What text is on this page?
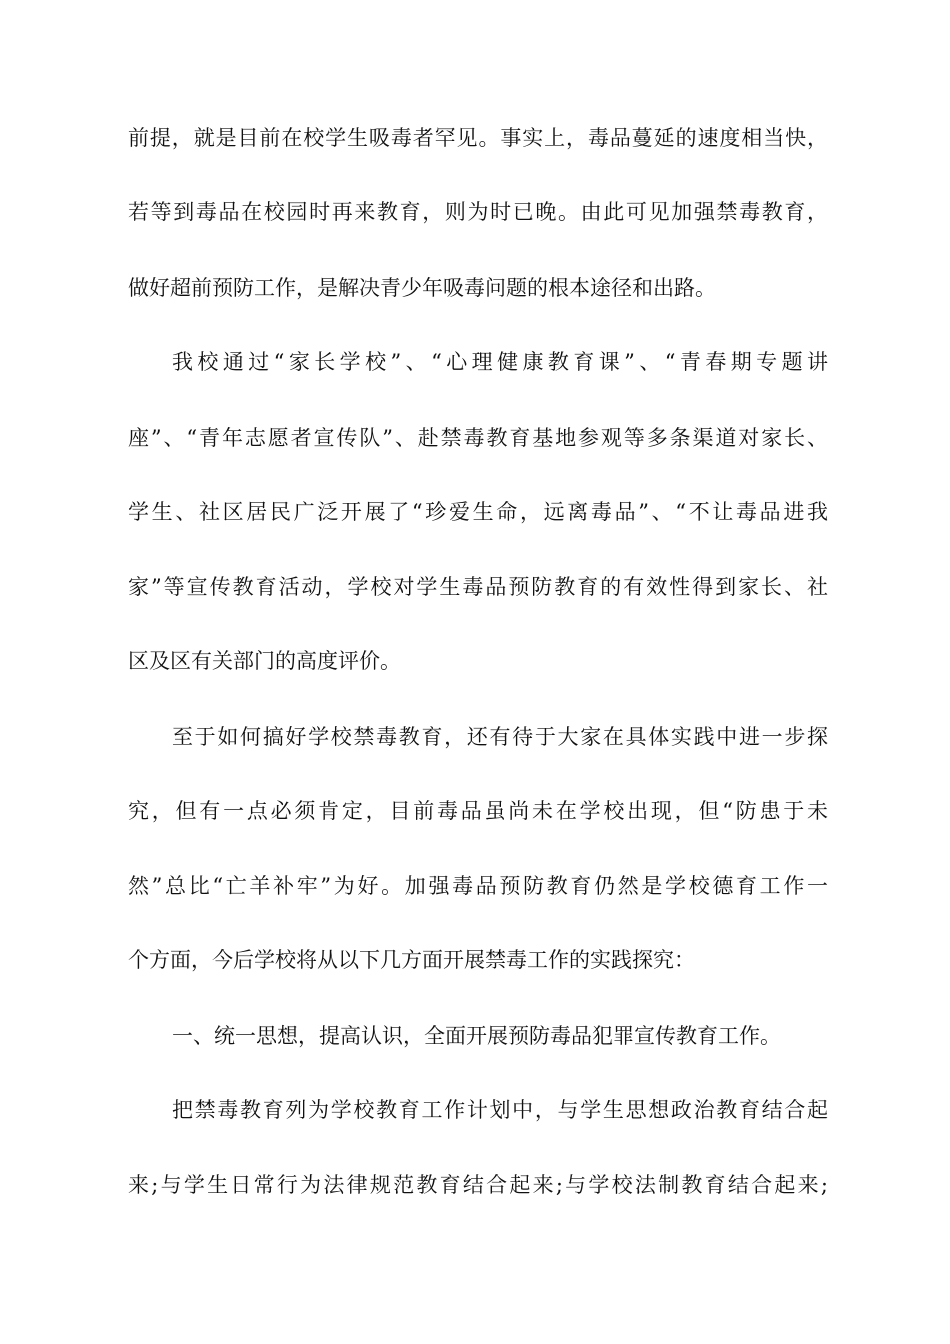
前提，就是目前在校学生吸毒者罕见。事实上，毒品蔓延的速度相当快，
若等到毒品在校园时再来教育，则为时已晚。由此可见加强禁毒教育，
做好超前预防工作，是解决青少年吸毒问题的根本途径和出路。
我校通过“家长学校”、“心理健康教育课”、“青春期专题讲
座”、“青年志愿者宣传队”、赴禁毒教育基地参观等多条渠道对家长、
学生、社区居民广泛开展了“珍爱生命，远离毒品”、“不让毒品进我
家”等宣传教育活动，学校对学生毒品预防教育的有效性得到家长、社
区及区有关部门的高度评价。
至于如何搞好学校禁毒教育，还有待于大家在具体实践中进一步探
究，但有一点必须肯定，目前毒品虽尚未在学校出现，但“防患于未
然”总比“亡羊补牢”为好。加强毒品预防教育仍然是学校德育工作一
个方面，今后学校将从以下几方面开展禁毒工作的实践探究：
一、统一思想，提高认识，全面开展预防毒品犯罪宣传教育工作。
把禁毒教育列为学校教育工作计划中，与学生思想政治教育结合起
来;与学生日常行为法律规范教育结合起来;与学校法制教育结合起来;
